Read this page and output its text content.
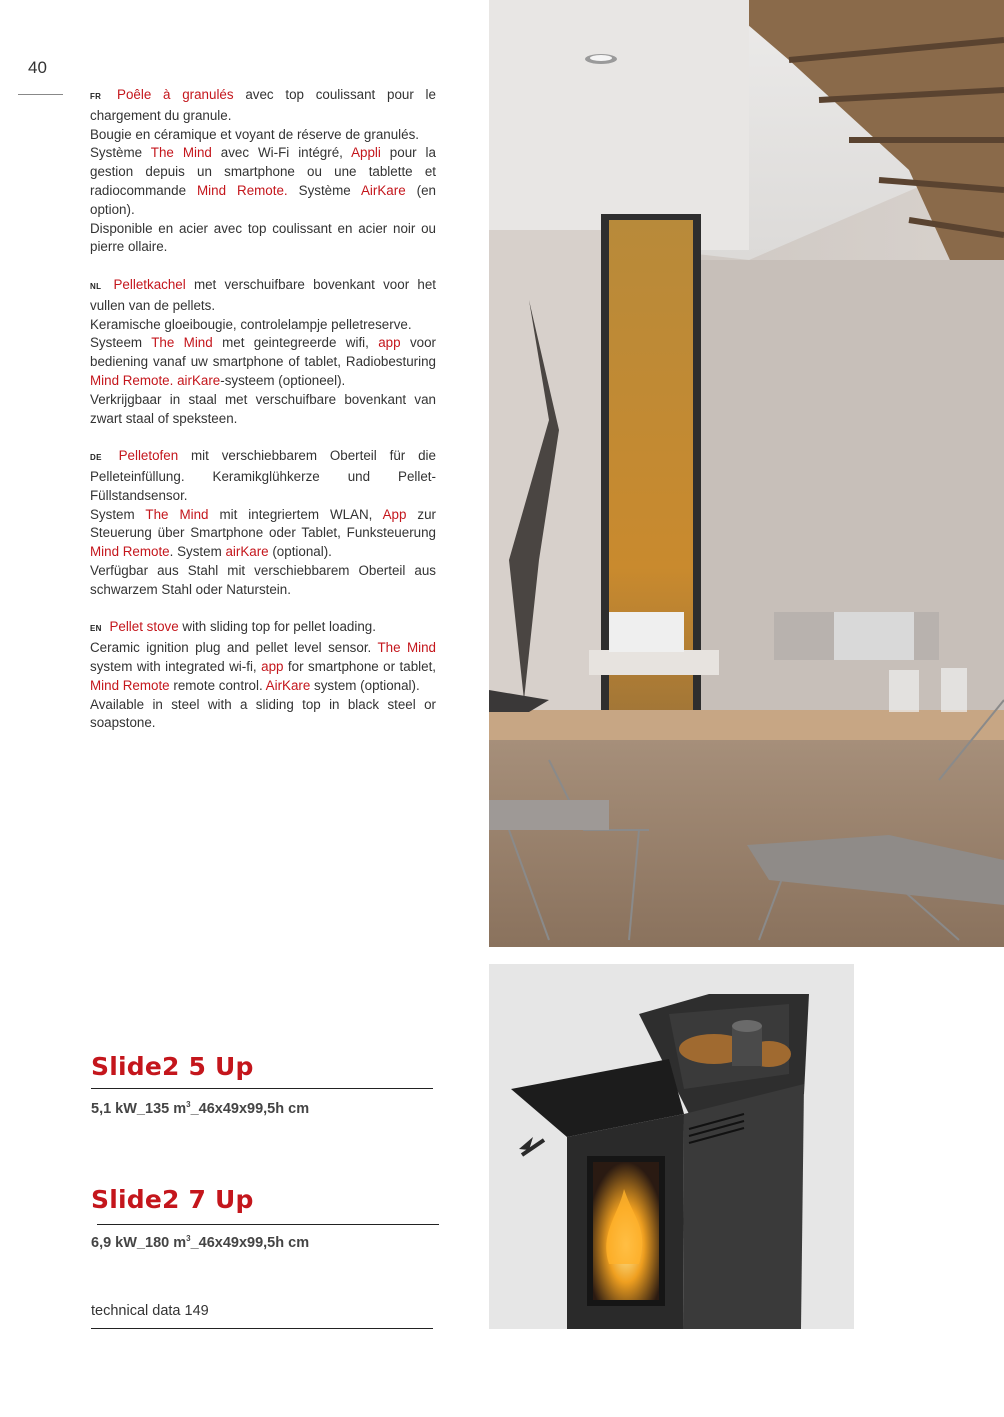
40

FR Poêle à granulés avec top coulissant pour le chargement du granule.
Bougie en céramique et voyant de réserve de granulés.
Système The Mind avec Wi-Fi intégré, Appli pour la gestion depuis un smartphone ou une tablette et radiocommande Mind Remote. Système AirKare (en option).
Disponible en acier avec top coulissant en acier noir ou pierre ollaire.

NL Pelletkachel met verschuifbare bovenkant voor het vullen van de pellets.
Keramische gloeibougie, controlelampje pelletreserve.
Systeem The Mind met geintegreerde wifi, app voor bediening vanaf uw smartphone of tablet, Radiobesturing Mind Remote. airKare-systeem (optioneel).
Verkrijgbaar in staal met verschuifbare bovenkant van zwart staal of speksteen.

DE Pelletofen mit verschiebbarem Oberteil für die Pelleteinfüllung. Keramikglühkerze und Pellet-Füllstandsensor.
System The Mind mit integriertem WLAN, App zur Steuerung über Smartphone oder Tablet, Funksteuerung Mind Remote. System airKare (optional).
Verfügbar aus Stahl mit verschiebbarem Oberteil aus schwarzem Stahl oder Naturstein.

EN Pellet stove with sliding top for pellet loading.
Ceramic ignition plug and pellet level sensor. The Mind system with integrated wi-fi, app for smartphone or tablet, Mind Remote remote control. AirKare system (optional).
Available in steel with a sliding top in black steel or soapstone.

Slide2 5 Up
5,1 kW_135 $m^3\_46x49x99,5h$ cm
Slide2 7 Up
6,9 kW_180 $m^3\_46x49x99,5h$ cm
technical data 149
